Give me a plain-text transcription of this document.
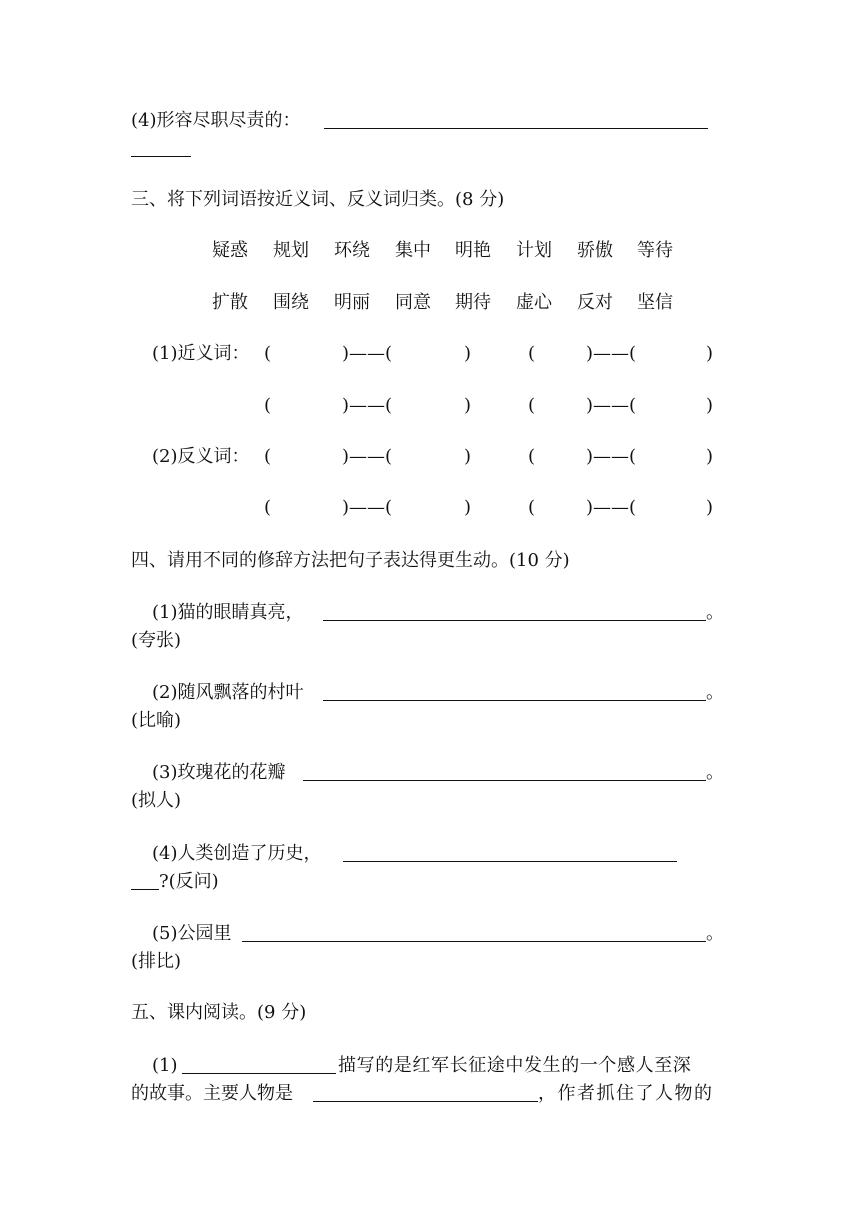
(4)形容尽职尽责的：
三、将下列词语按近义词、反义词归类。(8 分)
疑惑 规划 环绕 集中 明艳 计划 骄傲 等待
扩散 围绕 明丽 同意 期待 虚心 反对 坚信
(1)近义词： (	)——(	)	(	)——(	)
(	)——(	)	(	)——(	)
(2)反义词： (	)——(	)	(	)——(	)
(	)——(	)	(	)——(	)
四、请用不同的修辞方法把句子表达得更生动。(10 分)
(1)猫的眼睛真亮，	。
(夸张)
(2)随风飘落的村叶	。
(比喻)
(3)玫瑰花的花瓣	。
(拟人)
(4)人类创造了历史，
?(反问)
(5)公园里	。
(排比)
五、课内阅读。(9 分)
(1)	描写的是红军长征途中发生的一个感人至深
的故事。主要人物是	，作者抓住了人物的
